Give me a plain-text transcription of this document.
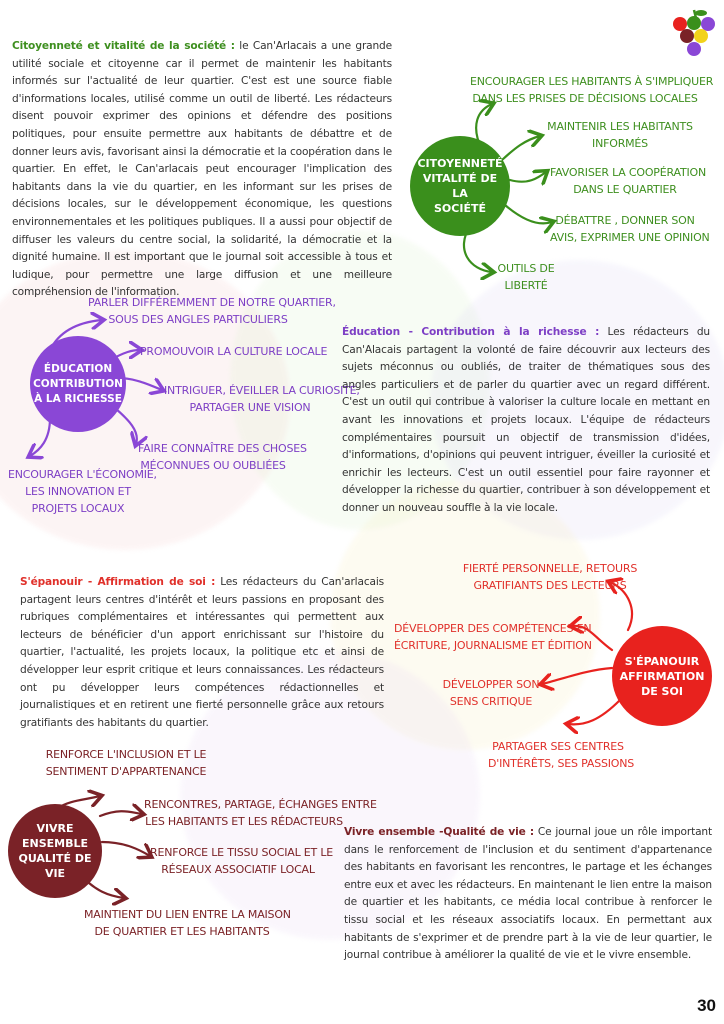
Citoyenneté et vitalité de la société : le Can'Arlacais a une grande utilité sociale et citoyenne car il permet de maintenir les habitants informés sur l'actualité de leur quartier. C'est est une source fiable d'informations locales, utilisé comme un outil de liberté. Les rédacteurs disent pouvoir exprimer des opinions et défendre des positions politiques, pour ensuite permettre aux habitants de débattre et de donner leurs avis, favorisant ainsi la démocratie et la coopération dans le quartier. En effet, le Can'arlacais peut encourager l'implication des habitants dans la vie du quartier, en les informant sur les prises de décisions locales, sur le développement économique, les questions environnementales et les politiques publiques. Il a aussi pour objectif de diffuser les valeurs du centre social, la solidarité, la démocratie et la dignité humaine. Il est important que le journal soit accessible à tous et ludique, pour permettre une large diffusion et une meilleure compréhension de l'information.

CITOYENNETÉ
VITALITÉ DE LA
SOCIÉTÉ
ENCOURAGER LES HABITANTS À S'IMPLIQUER
DANS LES PRISES DE DÉCISIONS LOCALES
MAINTENIR LES HABITANTS
INFORMÉS
FAVORISER LA COOPÉRATION
DANS LE QUARTIER
DÉBATTRE , DONNER SON
AVIS, EXPRIMER UNE OPINION
OUTILS DE
LIBERTÉ
ÉDUCATION
CONTRIBUTION
À LA RICHESSE
PARLER DIFFÉREMMENT DE NOTRE QUARTIER,
SOUS DES ANGLES PARTICULIERS
PROMOUVOIR LA CULTURE LOCALE
INTRIGUER, ÉVEILLER LA CURIOSITÉ,
PARTAGER UNE VISION
FAIRE CONNAÎTRE DES CHOSES
MÉCONNUES OU OUBLIÉES
ENCOURAGER L'ÉCONOMIE,
LES INNOVATION ET
PROJETS LOCAUX

Éducation - Contribution à la richesse : Les rédacteurs du Can'Alacais partagent la volonté de faire découvrir aux lecteurs des sujets méconnus ou oubliés, de traiter de thématiques sous des angles particuliers et de parler du quartier avec un regard différent. C'est un outil qui contribue à valoriser la culture locale en mettant en avant les innovations et projets locaux. L'équipe de rédacteurs complémentaires poursuit un objectif de transmission d'idées, d'informations, d'opinions qui peuvent intriguer, éveiller la curiosité et enrichir les lecteurs. C'est un outil essentiel pour faire rayonner et développer la richesse du quartier, contribuer à son développement et donner un nouveau souffle à la vie locale.

S'épanouir - Affirmation de soi : Les rédacteurs du Can'arlacais partagent leurs centres d'intérêt et leurs passions en proposant des rubriques complémentaires et intéressantes qui permettent aux lecteurs de bénéficier d'un apport enrichissant sur l'histoire du quartier, l'actualité, les projets locaux, la politique etc et ainsi de développer leur esprit critique et leurs connaissances. Les rédacteurs ont pu développer leurs compétences rédactionnelles et journalistiques et en retirent une fierté personnelle grâce aux retours gratifiants des habitants du quartier.

S'ÉPANOUIR
AFFIRMATION
DE SOI
FIERTÉ PERSONNELLE, RETOURS
GRATIFIANTS DES LECTEURS
DÉVELOPPER DES COMPÉTENCES EN
ÉCRITURE, JOURNALISME ET ÉDITION
DÉVELOPPER SON
SENS CRITIQUE
PARTAGER SES CENTRES
D'INTÉRÊTS, SES PASSIONS
VIVRE
ENSEMBLE
QUALITÉ DE
VIE
RENFORCE L'INCLUSION ET LE
SENTIMENT D'APPARTENANCE
RENCONTRES, PARTAGE, ÉCHANGES ENTRE
LES HABITANTS ET LES RÉDACTEURS
RENFORCE LE TISSU SOCIAL ET LE
RÉSEAUX ASSOCIATIF LOCAL
MAINTIENT DU LIEN ENTRE LA MAISON
DE QUARTIER ET LES HABITANTS

Vivre ensemble -Qualité de vie : Ce journal joue un rôle important dans le renforcement de l'inclusion et du sentiment d'appartenance des habitants en favorisant les rencontres, le partage et les échanges entre eux et avec les rédacteurs. En maintenant le lien entre la maison de quartier et les habitants, ce média local contribue à renforcer le tissu social et les réseaux associatifs locaux. En permettant aux habitants de s'exprimer et de prendre part à la vie de leur quartier, le journal contribue à améliorer la qualité de vie et le vivre ensemble.

30
